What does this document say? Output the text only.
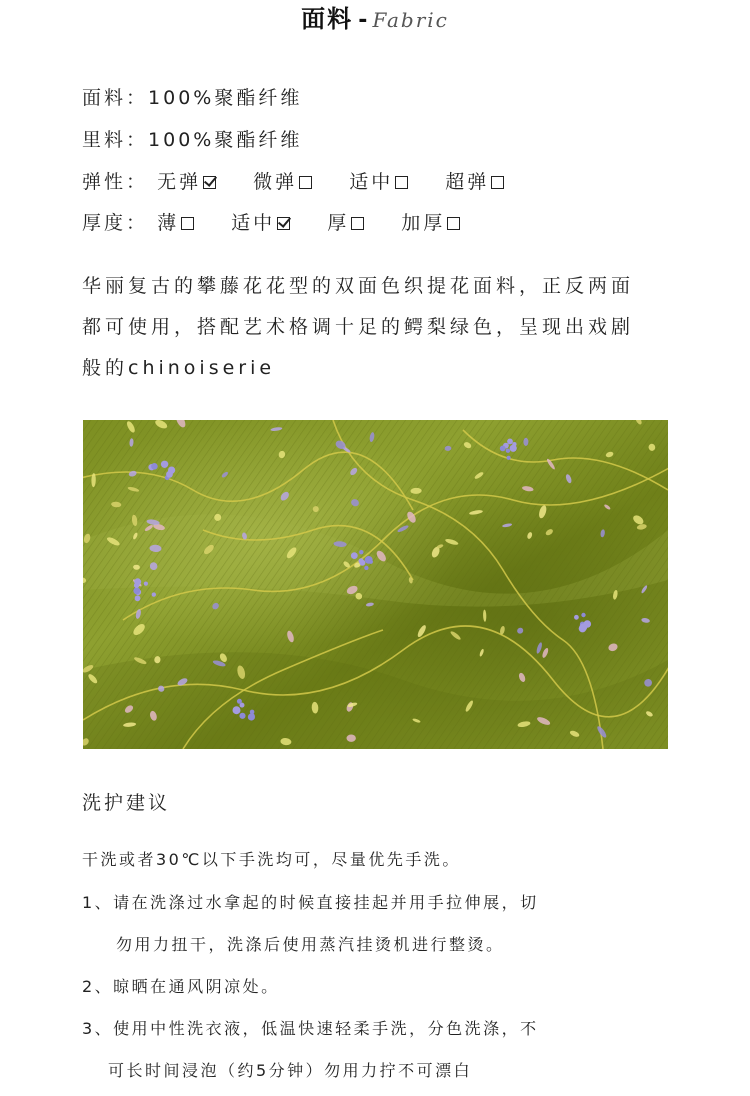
面料 - Fabric
面料：100%聚酯纤维
里料：100%聚酯纤维
弹性： 无弹	微弹	适中	超弹
厚度： 薄	适中	厚	加厚
华丽复古的攀藤花花型的双面色织提花面料，正反两面
都可使用，搭配艺术格调十足的鳄梨绿色，呈现出戏剧
般的chinoiserie
洗护建议
干洗或者30℃以下手洗均可，尽量优先手洗。
1、请在洗涤过水拿起的时候直接挂起并用手拉伸展，切
勿用力扭干，洗涤后使用蒸汽挂烫机进行整烫。
2、晾晒在通风阴凉处。
3、使用中性洗衣液，低温快速轻柔手洗，分色洗涤，不
可长时间浸泡（约5分钟）勿用力拧不可漂白
